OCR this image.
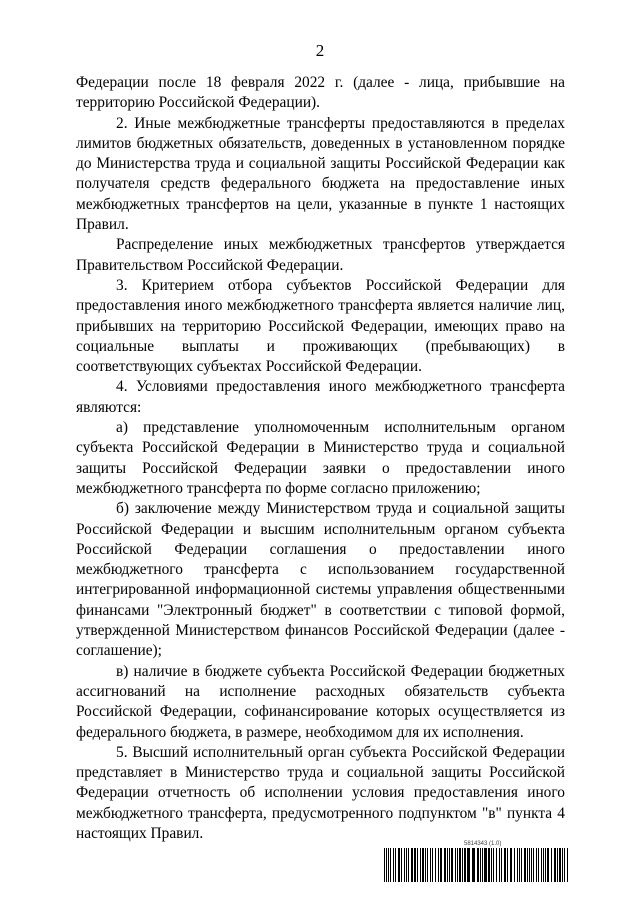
2

Федерации после 18 февраля 2022 г. (далее - лица, прибывшие на территорию Российской Федерации).

2. Иные межбюджетные трансферты предоставляются в пределах лимитов бюджетных обязательств, доведенных в установленном порядке до Министерства труда и социальной защиты Российской Федерации как получателя средств федерального бюджета на предоставление иных межбюджетных трансфертов на цели, указанные в пункте 1 настоящих Правил.

Распределение иных межбюджетных трансфертов утверждается Правительством Российской Федерации.

3. Критерием отбора субъектов Российской Федерации для предоставления иного межбюджетного трансферта является наличие лиц, прибывших на территорию Российской Федерации, имеющих право на социальные выплаты и проживающих (пребывающих) в соответствующих субъектах Российской Федерации.

4. Условиями предоставления иного межбюджетного трансферта являются:

а) представление уполномоченным исполнительным органом субъекта Российской Федерации в Министерство труда и социальной защиты Российской Федерации заявки о предоставлении иного межбюджетного трансферта по форме согласно приложению;

б) заключение между Министерством труда и социальной защиты Российской Федерации и высшим исполнительным органом субъекта Российской Федерации соглашения о предоставлении иного межбюджетного трансферта с использованием государственной интегрированной информационной системы управления общественными финансами "Электронный бюджет" в соответствии с типовой формой, утвержденной Министерством финансов Российской Федерации (далее - соглашение);

в) наличие в бюджете субъекта Российской Федерации бюджетных ассигнований на исполнение расходных обязательств субъекта Российской Федерации, софинансирование которых осуществляется из федерального бюджета, в размере, необходимом для их исполнения.

5. Высший исполнительный орган субъекта Российской Федерации представляет в Министерство труда и социальной защиты Российской Федерации отчетность об исполнении условия предоставления иного межбюджетного трансферта, предусмотренного подпунктом "в" пункта 4 настоящих Правил.

5814343 (1.0)
